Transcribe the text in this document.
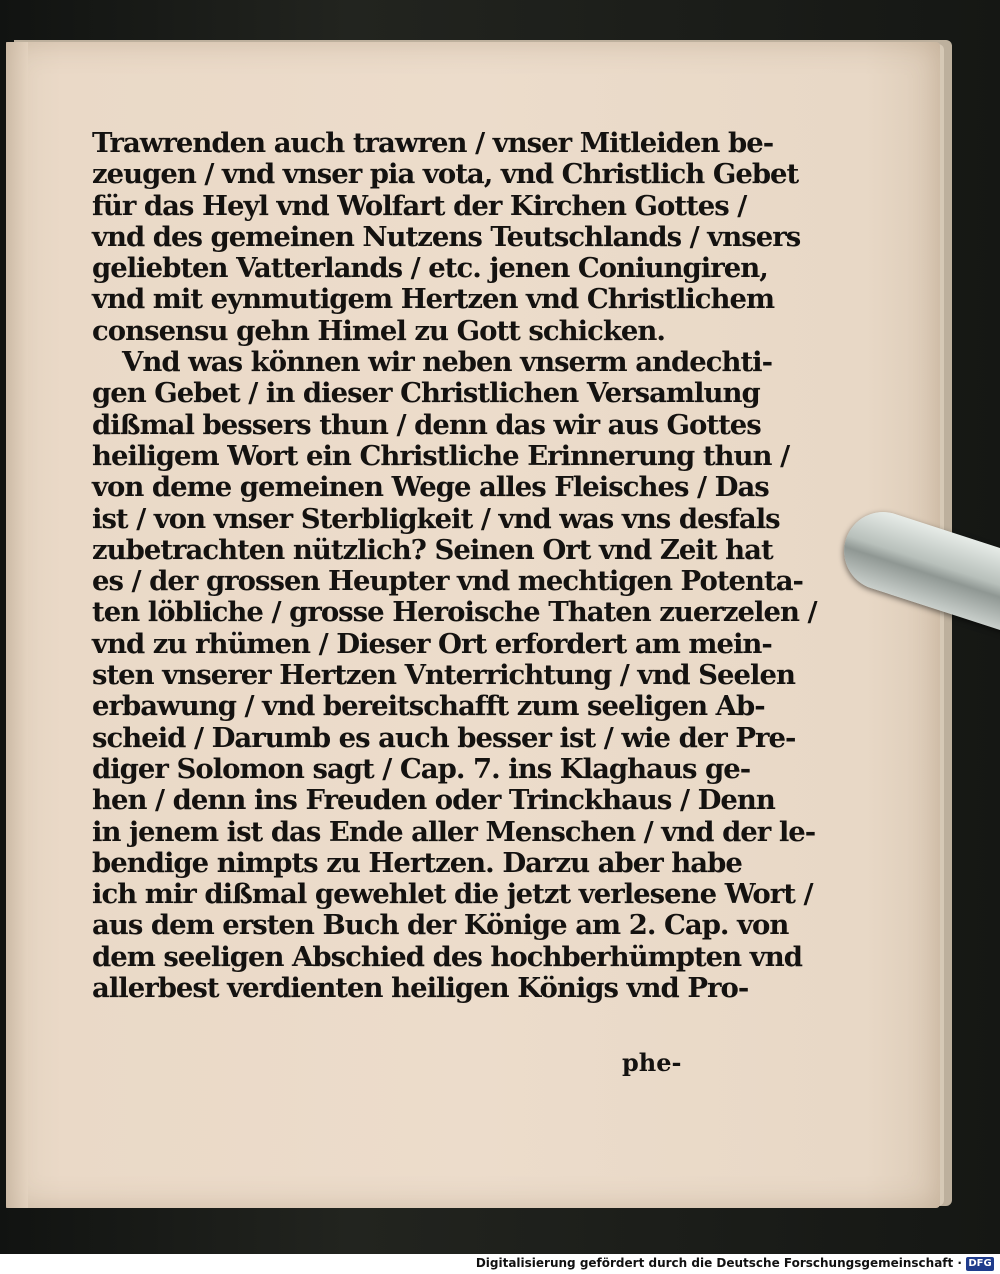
Trawrenden auch trawren / vnser Mitleiden be-
zeugen / vnd vnser pia vota, vnd Christlich Gebet
für das Heyl vnd Wolfart der Kirchen Gottes /
vnd des gemeinen Nutzens Teutschlands / vnsers
geliebten Vatterlands / etc. jenen Coniungiren,
vnd mit eynmutigem Hertzen vnd Christlichem
consensu gehn Himel zu Gott schicken.
Vnd was können wir neben vnserm andechti-
gen Gebet / in dieser Christlichen Versamlung
dißmal bessers thun / denn das wir aus Gottes
heiligem Wort ein Christliche Erinnerung thun /
von deme gemeinen Wege alles Fleisches / Das
ist / von vnser Sterbligkeit / vnd was vns desfals
zubetrachten nützlich? Seinen Ort vnd Zeit hat
es / der grossen Heupter vnd mechtigen Potenta-
ten löbliche / grosse Heroische Thaten zuerzelen /
vnd zu rhümen / Dieser Ort erfordert am mein-
sten vnserer Hertzen Vnterrichtung / vnd Seelen
erbawung / vnd bereitschafft zum seeligen Ab-
scheid / Darumb es auch besser ist / wie der Pre-
diger Solomon sagt / Cap. 7. ins Klaghaus ge-
hen / denn ins Freuden oder Trinckhaus / Denn
in jenem ist das Ende aller Menschen / vnd der le-
bendige nimpts zu Hertzen. Darzu aber habe
ich mir dißmal gewehlet die jetzt verlesene Wort /
aus dem ersten Buch der Könige am 2. Cap. von
dem seeligen Abschied des hochberhümpten vnd
allerbest verdienten heiligen Königs vnd Pro-
phe-
Digitalisierung gefördert durch die Deutsche Forschungsgemeinschaft · DFG
